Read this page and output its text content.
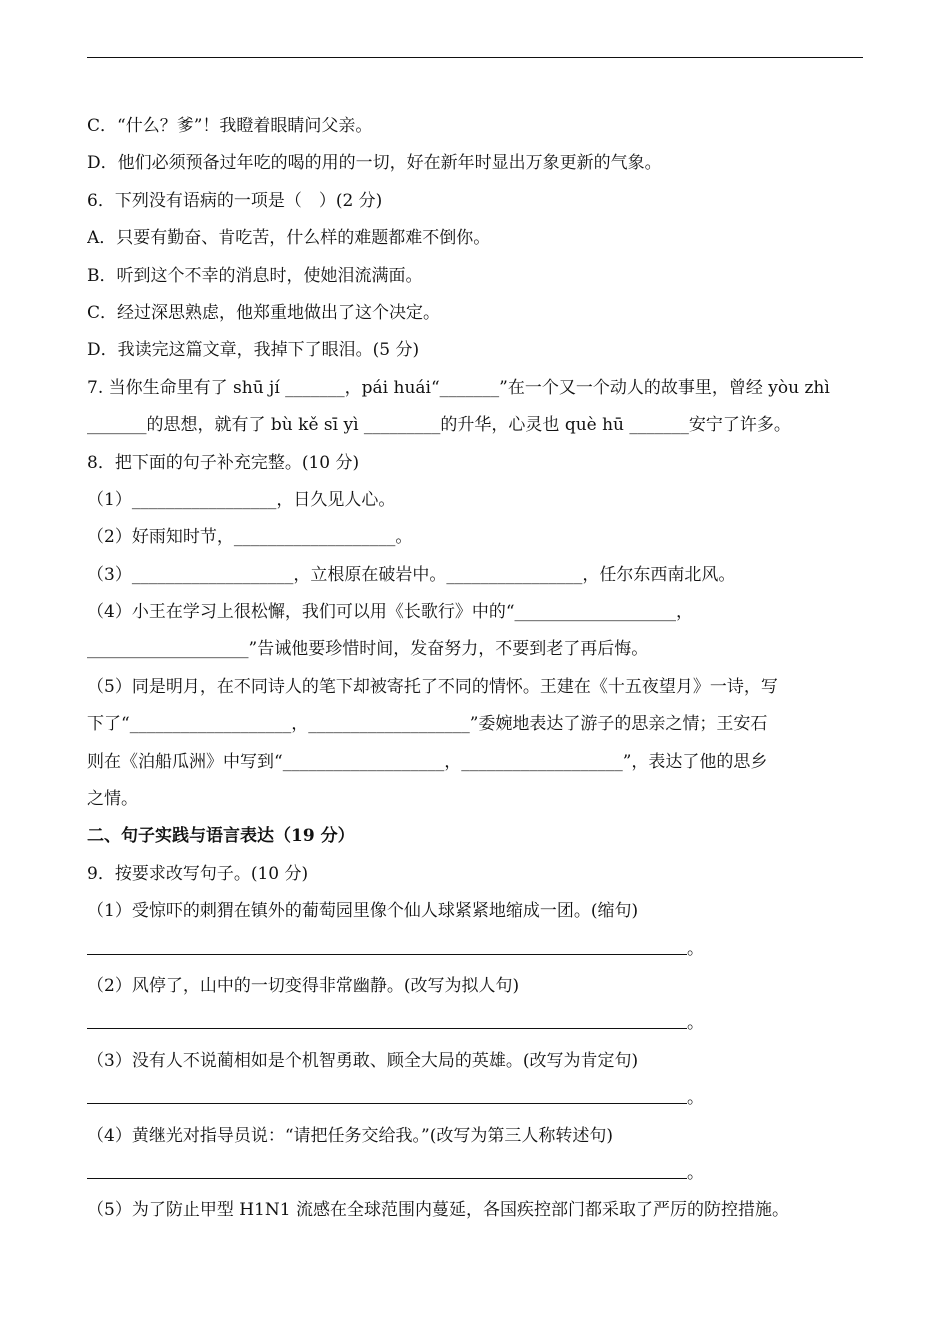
C．“什么？爹”！我瞪着眼睛问父亲。
D．他们必须预备过年吃的喝的用的一切，好在新年时显出万象更新的气象。
6．下列没有语病的一项是（　）(2 分)
A．只要有勤奋、肯吃苦，什么样的难题都难不倒你。
B．听到这个不幸的消息时，使她泪流满面。
C．经过深思熟虑，他郑重地做出了这个决定。
D．我读完这篇文章，我掉下了眼泪。(5 分)
7. 当你生命里有了 shū jí _______，pái huái“_______”在一个又一个动人的故事里，曾经 yòu zhì
_______的思想，就有了 bù kě sī yì _________的升华，心灵也 què hū _______安宁了许多。
8．把下面的句子补充完整。(10 分)
（1）_________________，日久见人心。
（2）好雨知时节，___________________。
（3）___________________，立根原在破岩中。________________，任尔东西南北风。
（4）小王在学习上很松懈，我们可以用《长歌行》中的“___________________，
___________________”告诫他要珍惜时间，发奋努力，不要到老了再后悔。
（5）同是明月，在不同诗人的笔下却被寄托了不同的情怀。王建在《十五夜望月》一诗，写
下了“___________________，___________________”委婉地表达了游子的思亲之情；王安石
则在《泊船瓜洲》中写到“___________________，___________________”，表达了他的思乡
之情。
二、句子实践与语言表达（19 分）
9．按要求改写句子。(10 分)
（1）受惊吓的刺猬在镇外的葡萄园里像个仙人球紧紧地缩成一团。(缩句)
。
（2）风停了，山中的一切变得非常幽静。(改写为拟人句)
。
（3）没有人不说蔺相如是个机智勇敢、顾全大局的英雄。(改写为肯定句)
。
（4）黄继光对指导员说：“请把任务交给我。”(改写为第三人称转述句)
。
（5）为了防止甲型 H1N1 流感在全球范围内蔓延，各国疾控部门都采取了严厉的防控措施。
